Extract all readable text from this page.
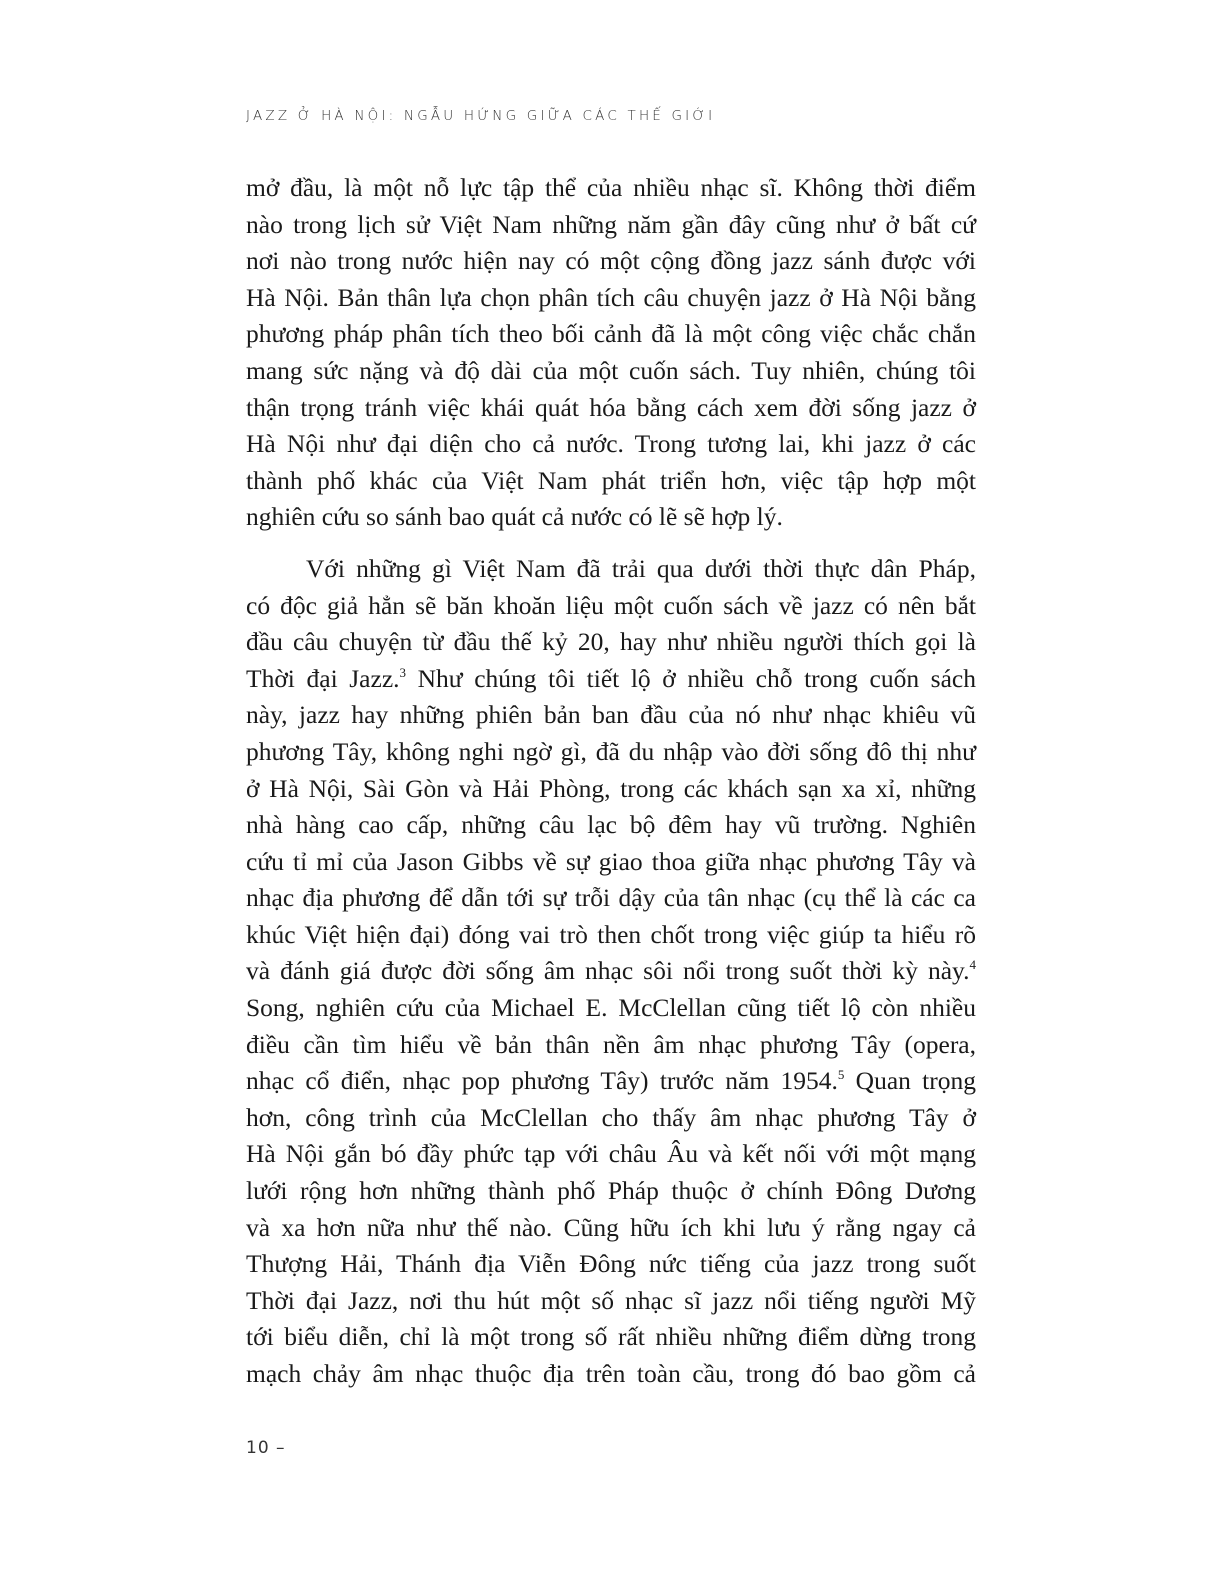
JAZZ Ở HÀ NỘI: NGẪU HỨNG GIỮA CÁC THẾ GIỚI
mở đầu, là một nỗ lực tập thể của nhiều nhạc sĩ. Không thời điểm
nào trong lịch sử Việt Nam những năm gần đây cũng như ở bất cứ
nơi nào trong nước hiện nay có một cộng đồng jazz sánh được với
Hà Nội. Bản thân lựa chọn phân tích câu chuyện jazz ở Hà Nội bằng
phương pháp phân tích theo bối cảnh đã là một công việc chắc chắn
mang sức nặng và độ dài của một cuốn sách. Tuy nhiên, chúng tôi
thận trọng tránh việc khái quát hóa bằng cách xem đời sống jazz ở
Hà Nội như đại diện cho cả nước. Trong tương lai, khi jazz ở các
thành phố khác của Việt Nam phát triển hơn, việc tập hợp một
nghiên cứu so sánh bao quát cả nước có lẽ sẽ hợp lý.
Với những gì Việt Nam đã trải qua dưới thời thực dân Pháp,
có độc giả hẳn sẽ băn khoăn liệu một cuốn sách về jazz có nên bắt
đầu câu chuyện từ đầu thế kỷ 20, hay như nhiều người thích gọi là
Thời đại Jazz.$^3$ Như chúng tôi tiết lộ ở nhiều chỗ trong cuốn sách
này, jazz hay những phiên bản ban đầu của nó như nhạc khiêu vũ
phương Tây, không nghi ngờ gì, đã du nhập vào đời sống đô thị như
ở Hà Nội, Sài Gòn và Hải Phòng, trong các khách sạn xa xỉ, những
nhà hàng cao cấp, những câu lạc bộ đêm hay vũ trường. Nghiên
cứu tỉ mỉ của Jason Gibbs về sự giao thoa giữa nhạc phương Tây và
nhạc địa phương để dẫn tới sự trỗi dậy của tân nhạc (cụ thể là các ca
khúc Việt hiện đại) đóng vai trò then chốt trong việc giúp ta hiểu rõ
và đánh giá được đời sống âm nhạc sôi nổi trong suốt thời kỳ này.$^4$
Song, nghiên cứu của Michael E. McClellan cũng tiết lộ còn nhiều
điều cần tìm hiểu về bản thân nền âm nhạc phương Tây (opera,
nhạc cổ điển, nhạc pop phương Tây) trước năm 1954.$^5$ Quan trọng
hơn, công trình của McClellan cho thấy âm nhạc phương Tây ở
Hà Nội gắn bó đầy phức tạp với châu Âu và kết nối với một mạng
lưới rộng hơn những thành phố Pháp thuộc ở chính Đông Dương
và xa hơn nữa như thế nào. Cũng hữu ích khi lưu ý rằng ngay cả
Thượng Hải, Thánh địa Viễn Đông nức tiếng của jazz trong suốt
Thời đại Jazz, nơi thu hút một số nhạc sĩ jazz nổi tiếng người Mỹ
tới biểu diễn, chỉ là một trong số rất nhiều những điểm dừng trong
mạch chảy âm nhạc thuộc địa trên toàn cầu, trong đó bao gồm cả
10 –
